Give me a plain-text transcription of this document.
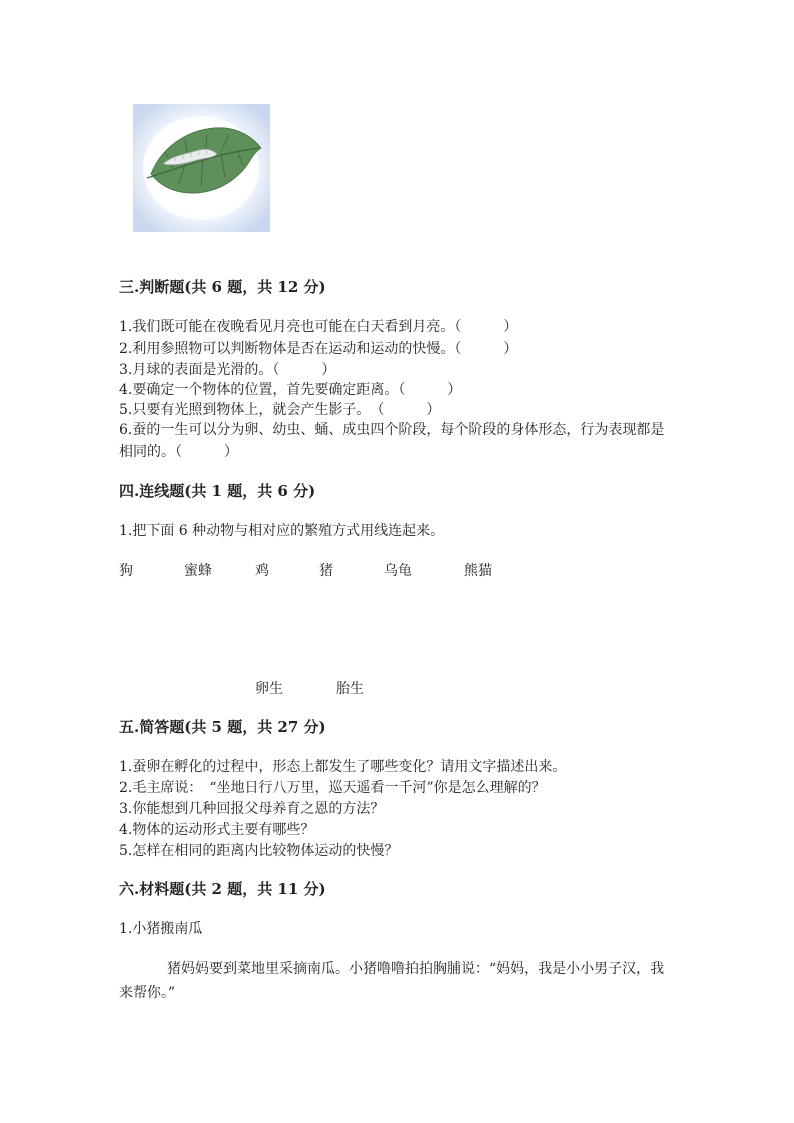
三.判断题(共 6 题，共 12 分)
1.我们既可能在夜晚看见月亮也可能在白天看到月亮。（　　　）
2.利用参照物可以判断物体是否在运动和运动的快慢。（　　　）
3.月球的表面是光滑的。（　　　）
4.要确定一个物体的位置，首先要确定距离。（　　　）
5.只要有光照到物体上，就会产生影子。　（　　　）
6.蚕的一生可以分为卵、幼虫、蛹、成虫四个阶段，每个阶段的身体形态，行为表现都是相同的。（　　　）
四.连线题(共 1 题，共 6 分)
1.把下面 6 种动物与相对应的繁殖方式用线连起来。
狗	蜜蜂	鸡	猪	乌龟	熊猫
卵生	胎生
五.简答题(共 5 题，共 27 分)
1.蚕卵在孵化的过程中，形态上都发生了哪些变化？请用文字描述出来。
2.毛主席说：　“坐地日行八万里，巡天遥看一千河”你是怎么理解的？
3.你能想到几种回报父母养育之恩的方法？
4.物体的运动形式主要有哪些？
5.怎样在相同的距离内比较物体运动的快慢？
六.材料题(共 2 题，共 11 分)
1.小猪搬南瓜
猪妈妈要到菜地里采摘南瓜。小猪噜噜拍拍胸脯说：“妈妈，我是小小男子汉，我来帮你。”
